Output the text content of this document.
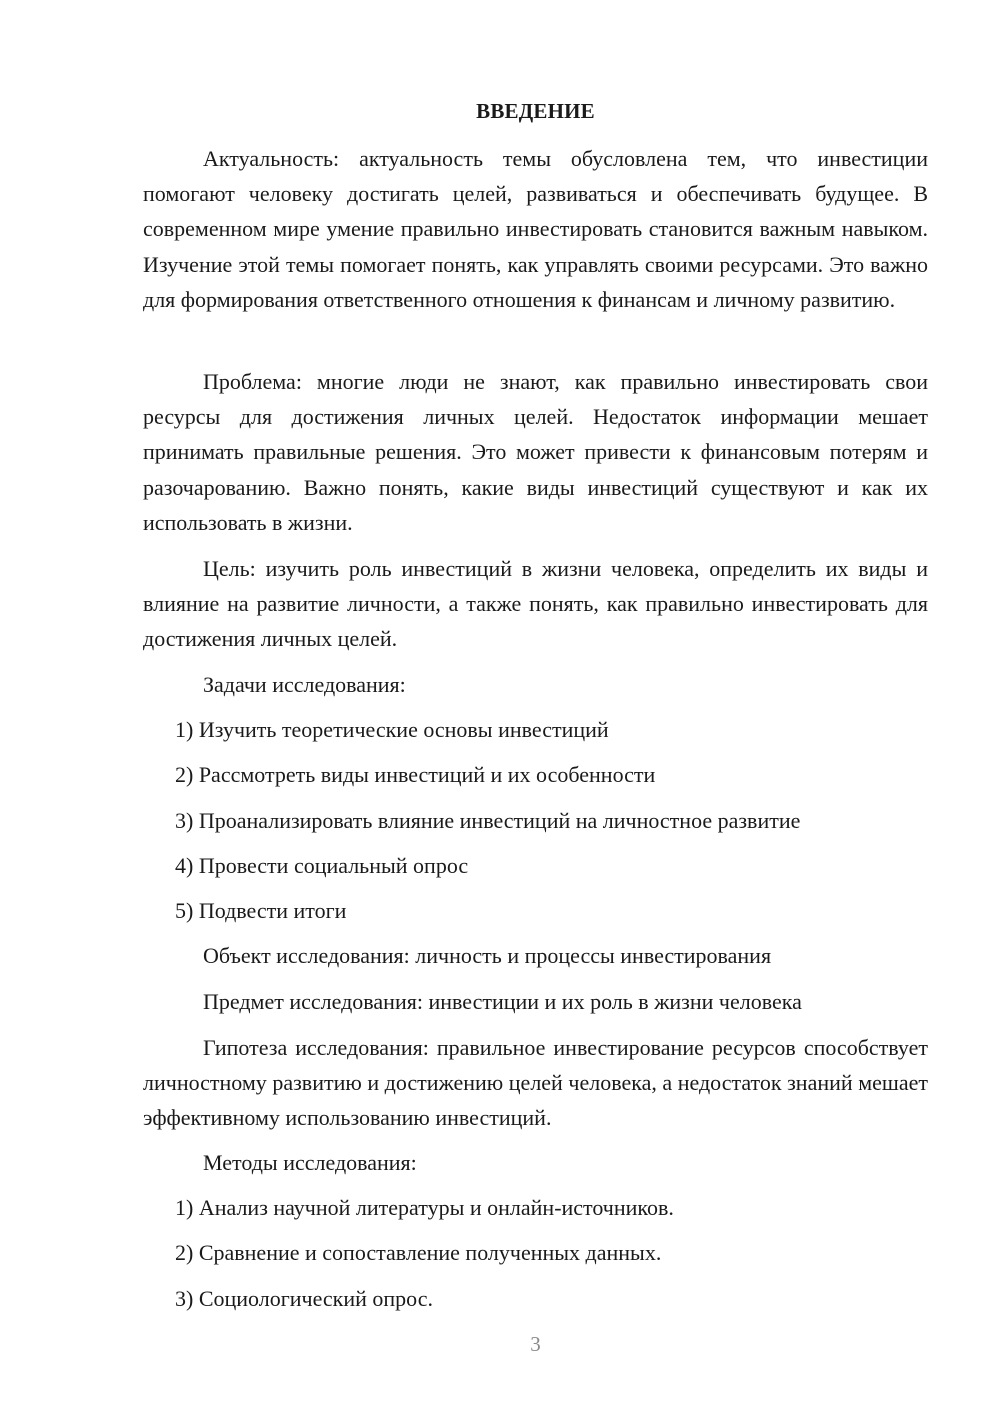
ВВЕДЕНИЕ

Актуальность: актуальность темы обусловлена тем, что инвестиции помогают человеку достигать целей, развиваться и обеспечивать будущее. В современном мире умение правильно инвестировать становится важным навыком. Изучение этой темы помогает понять, как управлять своими ресурсами. Это важно для формирования ответственного отношения к финансам и личному развитию.

Проблема: многие люди не знают, как правильно инвестировать свои ресурсы для достижения личных целей. Недостаток информации мешает принимать правильные решения. Это может привести к финансовым потерям и разочарованию. Важно понять, какие виды инвестиций существуют и как их использовать в жизни.

Цель: изучить роль инвестиций в жизни человека, определить их виды и влияние на развитие личности, а также понять, как правильно инвестировать для достижения личных целей.

Задачи исследования:
1) Изучить теоретические основы инвестиций
2) Рассмотреть виды инвестиций и их особенности
3) Проанализировать влияние инвестиций на личностное развитие
4) Провести социальный опрос
5) Подвести итоги
Объект исследования: личность и процессы инвестирования
Предмет исследования: инвестиции и их роль в жизни человека

Гипотеза исследования: правильное инвестирование ресурсов способствует личностному развитию и достижению целей человека, а недостаток знаний мешает эффективному использованию инвестиций.

Методы исследования:
1) Анализ научной литературы и онлайн-источников.
2) Сравнение и сопоставление полученных данных.
3) Социологический опрос.
3
